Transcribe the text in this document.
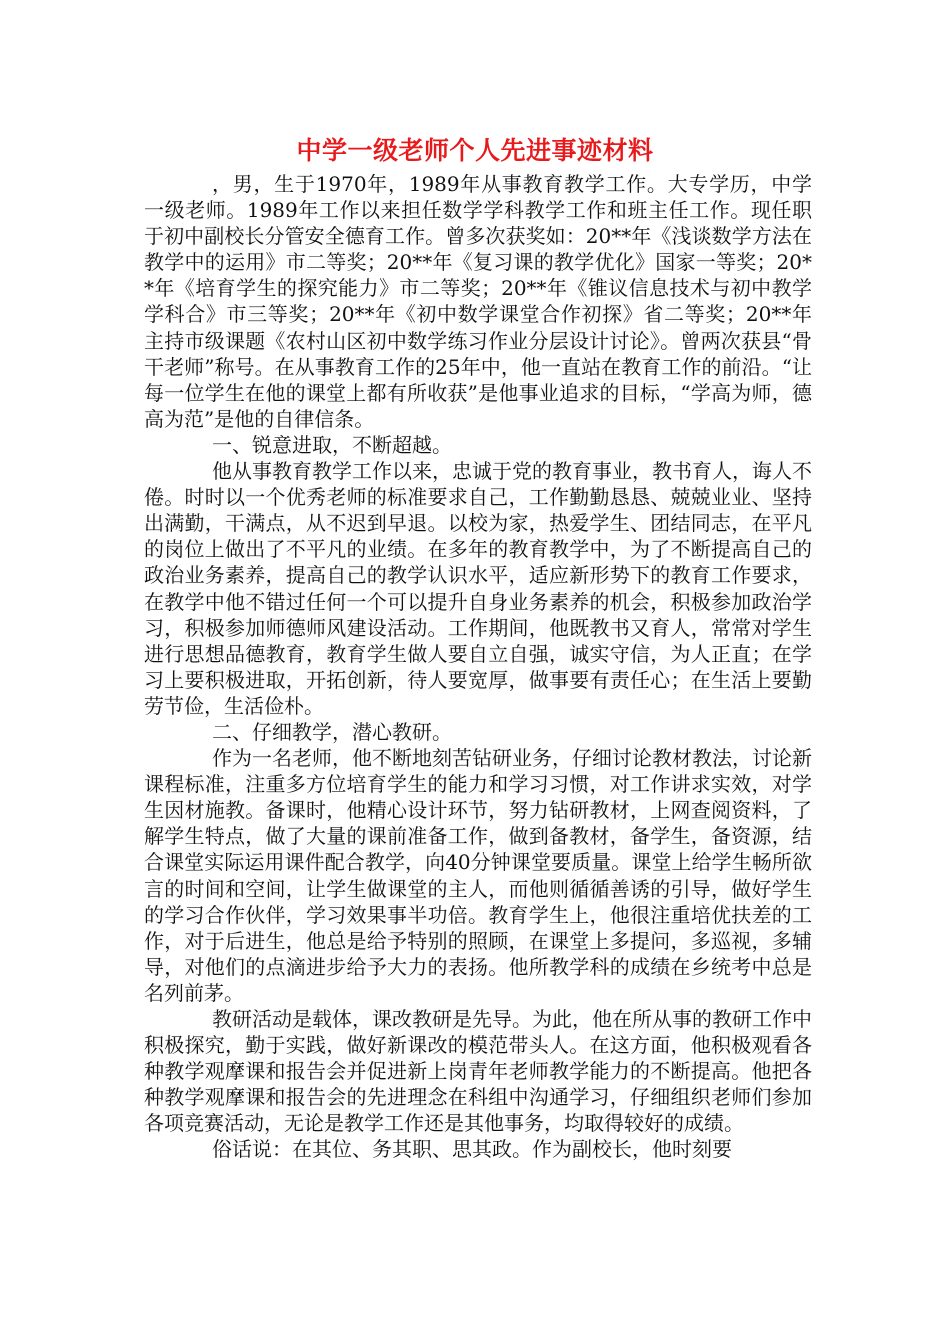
中学一级老师个人先进事迹材料

，男，生于1970年，1989年从事教育教学工作。大专学历，中学一级老师。1989年工作以来担任数学学科教学工作和班主任工作。现任职于初中副校长分管安全德育工作。曾多次获奖如：20**年《浅谈数学方法在教学中的运用》市二等奖；20**年《复习课的教学优化》国家一等奖；20**年《培育学生的探究能力》市二等奖；20**年《锥议信息技术与初中教学学科合》市三等奖；20**年《初中数学课堂合作初探》省二等奖；20**年主持市级课题《农村山区初中数学练习作业分层设计讨论》。曾两次获县“骨干老师”称号。在从事教育工作的25年中，他一直站在教育工作的前沿。“让每一位学生在他的课堂上都有所收获”是他事业追求的目标，“学高为师，德高为范”是他的自律信条。

一、锐意进取，不断超越。

他从事教育教学工作以来，忠诚于党的教育事业，教书育人，诲人不倦。时时以一个优秀老师的标准要求自己，工作勤勤恳恳、兢兢业业、坚持出满勤，干满点，从不迟到早退。以校为家，热爱学生、团结同志，在平凡的岗位上做出了不平凡的业绩。在多年的教育教学中，为了不断提高自己的政治业务素养，提高自己的教学认识水平，适应新形势下的教育工作要求，在教学中他不错过任何一个可以提升自身业务素养的机会，积极参加政治学习，积极参加师德师风建设活动。工作期间，他既教书又育人，常常对学生进行思想品德教育，教育学生做人要自立自强，诚实守信，为人正直；在学习上要积极进取，开拓创新，待人要宽厚，做事要有责任心；在生活上要勤劳节俭，生活俭朴。

二、仔细教学，潜心教研。

作为一名老师，他不断地刻苦钻研业务，仔细讨论教材教法，讨论新课程标准，注重多方位培育学生的能力和学习习惯，对工作讲求实效，对学生因材施教。备课时，他精心设计环节，努力钻研教材，上网查阅资料，了解学生特点，做了大量的课前准备工作，做到备教材，备学生，备资源，结合课堂实际运用课件配合教学，向40分钟课堂要质量。课堂上给学生畅所欲言的时间和空间，让学生做课堂的主人，而他则循循善诱的引导，做好学生的学习合作伙伴，学习效果事半功倍。教育学生上，他很注重培优扶差的工作，对于后进生，他总是给予特别的照顾，在课堂上多提问，多巡视，多辅导，对他们的点滴进步给予大力的表扬。他所教学科的成绩在乡统考中总是名列前茅。

教研活动是载体，课改教研是先导。为此，他在所从事的教研工作中积极探究，勤于实践，做好新课改的模范带头人。在这方面，他积极观看各种教学观摩课和报告会并促进新上岗青年老师教学能力的不断提高。他把各种教学观摩课和报告会的先进理念在科组中沟通学习，仔细组织老师们参加各项竞赛活动，无论是教学工作还是其他事务，均取得较好的成绩。

俗话说：在其位、务其职、思其政。作为副校长，他时刻要
